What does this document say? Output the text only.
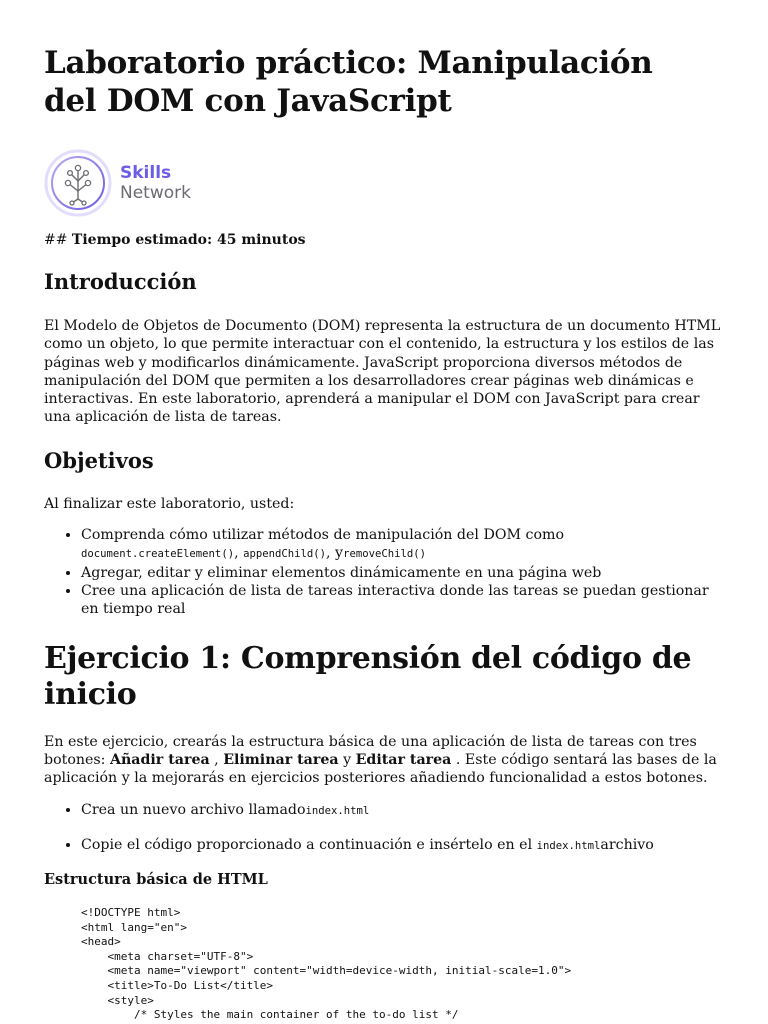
Laboratorio práctico: Manipulación del DOM con JavaScript
Skills
Network
## Tiempo estimado: 45 minutos
Introducción

El Modelo de Objetos de Documento (DOM) representa la estructura de un documento HTML como un objeto, lo que permite interactuar con el contenido, la estructura y los estilos de las páginas web y modificarlos dinámicamente. JavaScript proporciona diversos métodos de manipulación del DOM que permiten a los desarrolladores crear páginas web dinámicas e interactivas. En este laboratorio, aprenderá a manipular el DOM con JavaScript para crear una aplicación de lista de tareas.

Objetivos

Al finalizar este laboratorio, usted:

• Comprenda cómo utilizar métodos de manipulación del DOM como
document.createElement(), appendChild(), yremoveChild()
• Agregar, editar y eliminar elementos dinámicamente en una página web
• Cree una aplicación de lista de tareas interactiva donde las tareas se puedan gestionar en tiempo real
Ejercicio 1: Comprensión del código de inicio

En este ejercicio, crearás la estructura básica de una aplicación de lista de tareas con tres botones: Añadir tarea , Eliminar tarea y Editar tarea . Este código sentará las bases de la aplicación y la mejorarás en ejercicios posteriores añadiendo funcionalidad a estos botones.

• Crea un nuevo archivo llamadoindex.html
• Copie el código proporcionado a continuación e insértelo en el index.htmlarchivo
Estructura básica de HTML
<!DOCTYPE html>
<html lang="en">
<head>
<meta charset="UTF-8">
<meta name="viewport" content="width=device-width, initial-scale=1.0">
<title>To-Do List</title>
<style>
/* Styles the main container of the to-do list */
